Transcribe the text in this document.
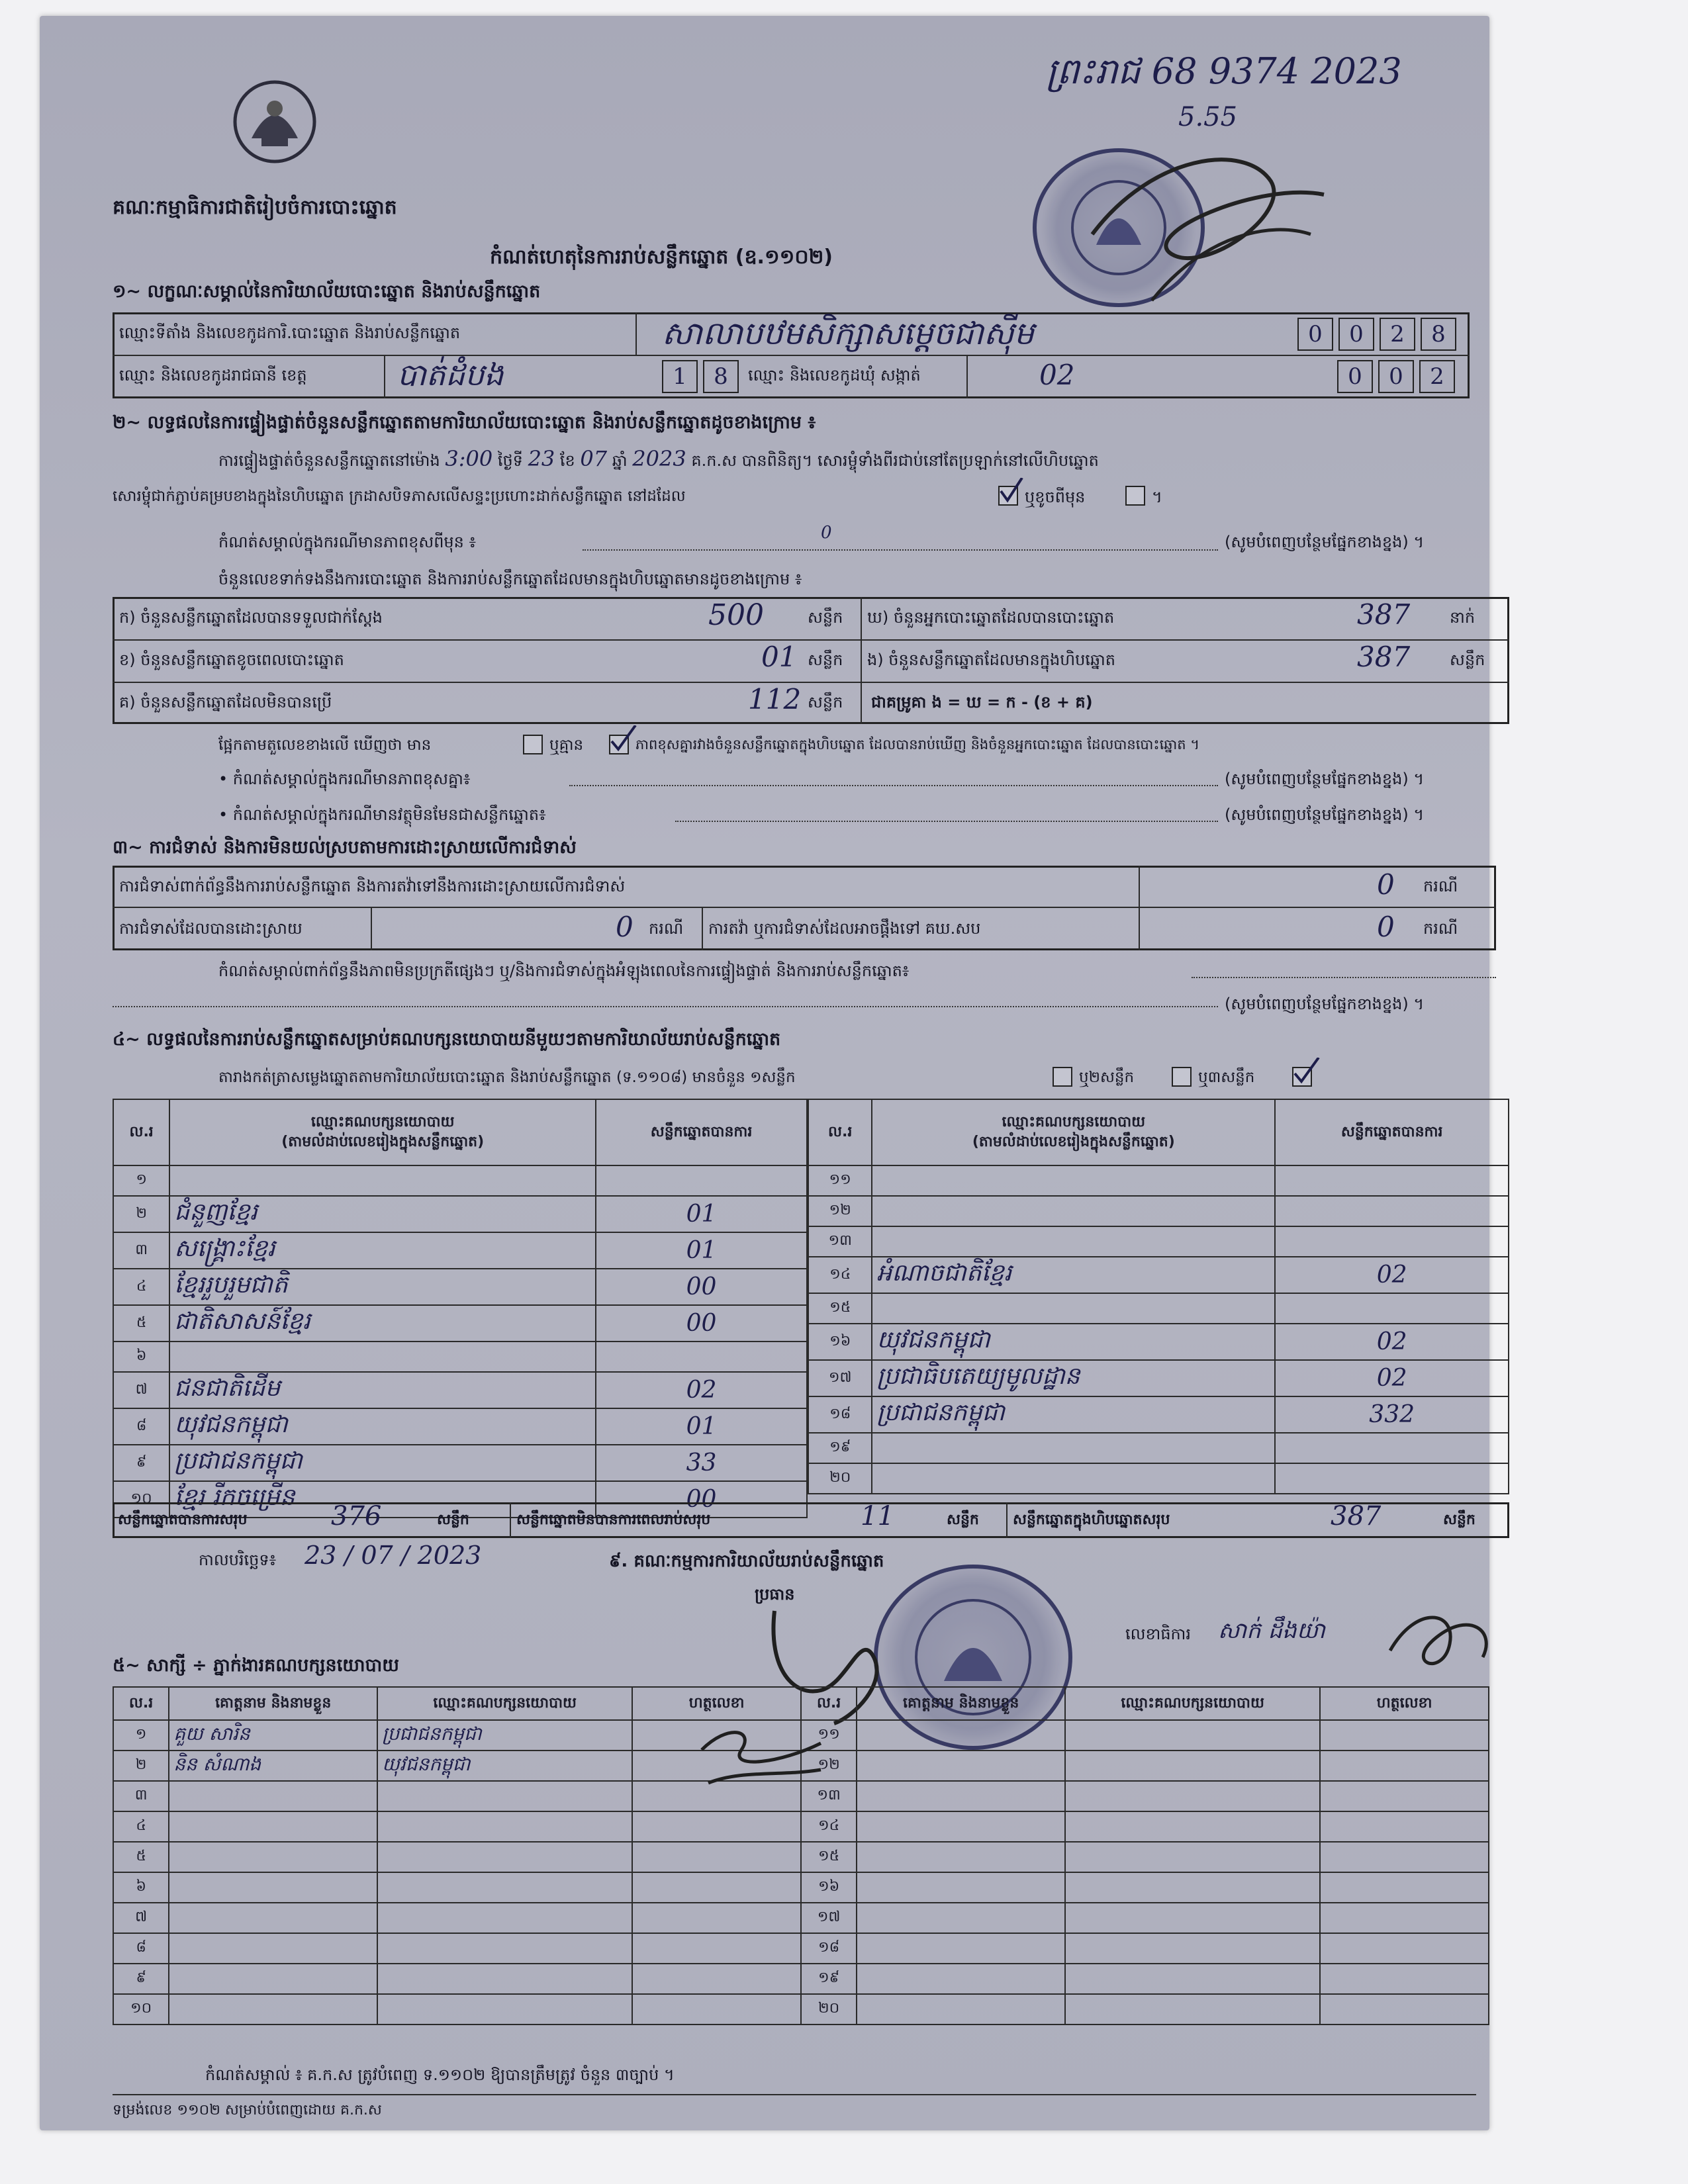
គណៈកម្មាធិការជាតិរៀបចំការបោះឆ្នោត
ព្រះរាជ 68 9374 2023
5.55
កំណត់ហេតុនៃការរាប់សន្លឹកឆ្នោត (ឧ.១១០២)
១~ លក្ខណៈសម្គាល់នៃការិយាល័យបោះឆ្នោត និងរាប់សន្លឹកឆ្នោត
ឈ្មោះទីតាំង និងលេខកូដការិ.បោះឆ្នោត និងរាប់សន្លឹកឆ្នោត	សាលាបឋមសិក្សាសម្ដេចជាស៊ីម	0	0	2	8
ឈ្មោះ និងលេខកូដរាជធានី ខេត្ត	បាត់ដំបង	1	8	ឈ្មោះ និងលេខកូដឃុំ សង្កាត់	02	0	0	2
២~ លទ្ធផលនៃការផ្ទៀងផ្ទាត់ចំនួនសន្លឹកឆ្នោតតាមការិយាល័យបោះឆ្នោត និងរាប់សន្លឹកឆ្នោតដូចខាងក្រោម ៖
ការផ្ទៀងផ្ទាត់ចំនួនសន្លឹកឆ្នោតនៅម៉ោង 3:00 ថ្ងៃទី 23 ខែ 07 ឆ្នាំ 2023 គ.ក.ស បានពិនិត្យ។ សោរម្ចុំទាំងពីរជាប់នៅតែប្រឡាក់នៅលើហិបឆ្នោត
សោរម្ចុំជាក់ភ្ជាប់គម្របខាងក្នុងនៃហិបឆ្នោត ក្រដាសបិទភាសលើសន្ទះប្រហោះដាក់សន្លឹកឆ្នោត នៅដដែល	ឬខូចពីមុន	។
កំណត់សម្គាល់ក្នុងករណីមានភាពខុសពីមុន ៖	0	(សូមបំពេញបន្ថែមផ្នែកខាងខ្នង) ។
ចំនួនលេខទាក់ទងនឹងការបោះឆ្នោត និងការរាប់សន្លឹកឆ្នោតដែលមានក្នុងហិបឆ្នោតមានដូចខាងក្រោម ៖
ក) ចំនួនសន្លឹកឆ្នោតដែលបានទទួលជាក់ស្ដែង	500	សន្លឹក ឃ) ចំនួនអ្នកបោះឆ្នោតដែលបានបោះឆ្នោត	387 នាក់
ខ) ចំនួនសន្លឹកឆ្នោតខូចពេលបោះឆ្នោត	01 សន្លឹក ង) ចំនួនសន្លឹកឆ្នោតដែលមានក្នុងហិបឆ្នោត	387 សន្លឹក
គ) ចំនួនសន្លឹកឆ្នោតដែលមិនបានប្រើ	112 សន្លឹក ជាគម្រូគា ង = ឃ = ក - (ខ + គ)
ផ្អែកតាមតួលេខខាងលើ ឃើញថា មាន	ឬគ្មាន	ភាពខុសគ្នារវាងចំនួនសន្លឹកឆ្នោតក្នុងហិបឆ្នោត ដែលបានរាប់ឃើញ និងចំនួនអ្នកបោះឆ្នោត ដែលបានបោះឆ្នោត ។
• កំណត់សម្គាល់ក្នុងករណីមានភាពខុសគ្នា៖	(សូមបំពេញបន្ថែមផ្នែកខាងខ្នង) ។
• កំណត់សម្គាល់ក្នុងករណីមានវត្ថុមិនមែនជាសន្លឹកឆ្នោត៖	(សូមបំពេញបន្ថែមផ្នែកខាងខ្នង) ។
៣~ ការជំទាស់ និងការមិនយល់ស្របតាមការដោះស្រាយលើការជំទាស់
ការជំទាស់ពាក់ព័ន្ធនឹងការរាប់សន្លឹកឆ្នោត និងការតវ៉ាទៅនឹងការដោះស្រាយលើការជំទាស់	0 ករណី
ការជំទាស់ដែលបានដោះស្រាយ	0 ករណី ការតវ៉ា ឬការជំទាស់ដែលអាចផ្ដឹងទៅ គឃ.សប	0 ករណី
កំណត់សម្គាល់ពាក់ព័ន្ធនឹងភាពមិនប្រក្រតីផ្សេងៗ ឬ/និងការជំទាស់ក្នុងអំឡុងពេលនៃការផ្ទៀងផ្ទាត់ និងការរាប់សន្លឹកឆ្នោត៖
(សូមបំពេញបន្ថែមផ្នែកខាងខ្នង) ។
៤~ លទ្ធផលនៃការរាប់សន្លឹកឆ្នោតសម្រាប់គណបក្សនយោបាយនីមួយៗតាមការិយាល័យរាប់សន្លឹកឆ្នោត
តារាងកត់ត្រាសម្លេងឆ្នោតតាមការិយាល័យបោះឆ្នោត និងរាប់សន្លឹកឆ្នោត (ទ.១១០៨) មានចំនួន ១សន្លឹក	ឬ២សន្លឹក	ឬ៣សន្លឹក
ល.រ	ឈ្មោះគណបក្សនយោបាយ
(តាមលំដាប់លេខរៀងក្នុងសន្លឹកឆ្នោត)	សន្លឹកឆ្នោតបានការ
១		
២	ជំនួញខ្មែរ	01
៣	សង្គ្រោះខ្មែរ	01
៤	ខ្មែររួបរួមជាតិ	00
៥	ជាតិសាសន៍ខ្មែរ	00
៦		
៧	ជនជាតិដើម	02
៨	យុវជនកម្ពុជា	01
៩	ប្រជាជនកម្ពុជា	33
១០	ខ្មែរ រីកចម្រើន	00
ល.រ	ឈ្មោះគណបក្សនយោបាយ
(តាមលំដាប់លេខរៀងក្នុងសន្លឹកឆ្នោត)	សន្លឹកឆ្នោតបានការ
១១		
១២		
១៣		
១៤	អំណាចជាតិខ្មែរ	02
១៥		
១៦	យុវជនកម្ពុជា	02
១៧	ប្រជាធិបតេយ្យមូលដ្ឋាន	02
១៨	ប្រជាជនកម្ពុជា	332
១៩		
២០		
សន្លឹកឆ្នោតបានការសរុប	376	សន្លឹក	សន្លឹកឆ្នោតមិនបានការពេលរាប់សរុប	11	សន្លឹក សន្លឹកឆ្នោតក្នុងហិបឆ្នោតសរុប	387	សន្លឹក
កាលបរិច្ឆេទ៖ 23 / 07 / 2023	៩. គណៈកម្មការការិយាល័យរាប់សន្លឹកឆ្នោត
ប្រធាន
លេខាធិការ សាក់ ដឹងយ៉ា
៥~ សាក្សី ÷ ភ្នាក់ងារគណបក្សនយោបាយ
ល.រ	គោត្តនាម និងនាមខ្លួន	ឈ្មោះគណបក្សនយោបាយ	ហត្ថលេខា	ល.រ	គោត្តនាម និងនាមខ្លួន	ឈ្មោះគណបក្សនយោបាយ	ហត្ថលេខា
១	គួយ សារិន	ប្រជាជនកម្ពុជា		១១			
២	និន សំណាង	យុវជនកម្ពុជា		១២			
៣				១៣			
៤				១៤			
៥				១៥			
៦				១៦			
៧				១៧			
៨				១៨			
៩				១៩			
១០				២០			
កំណត់សម្គាល់ ៖ គ.ក.ស ត្រូវបំពេញ ទ.១១០២ ឱ្យបានត្រឹមត្រូវ ចំនួន ៣ច្បាប់ ។
ទម្រង់លេខ ១១០២ សម្រាប់បំពេញដោយ គ.ក.ស
